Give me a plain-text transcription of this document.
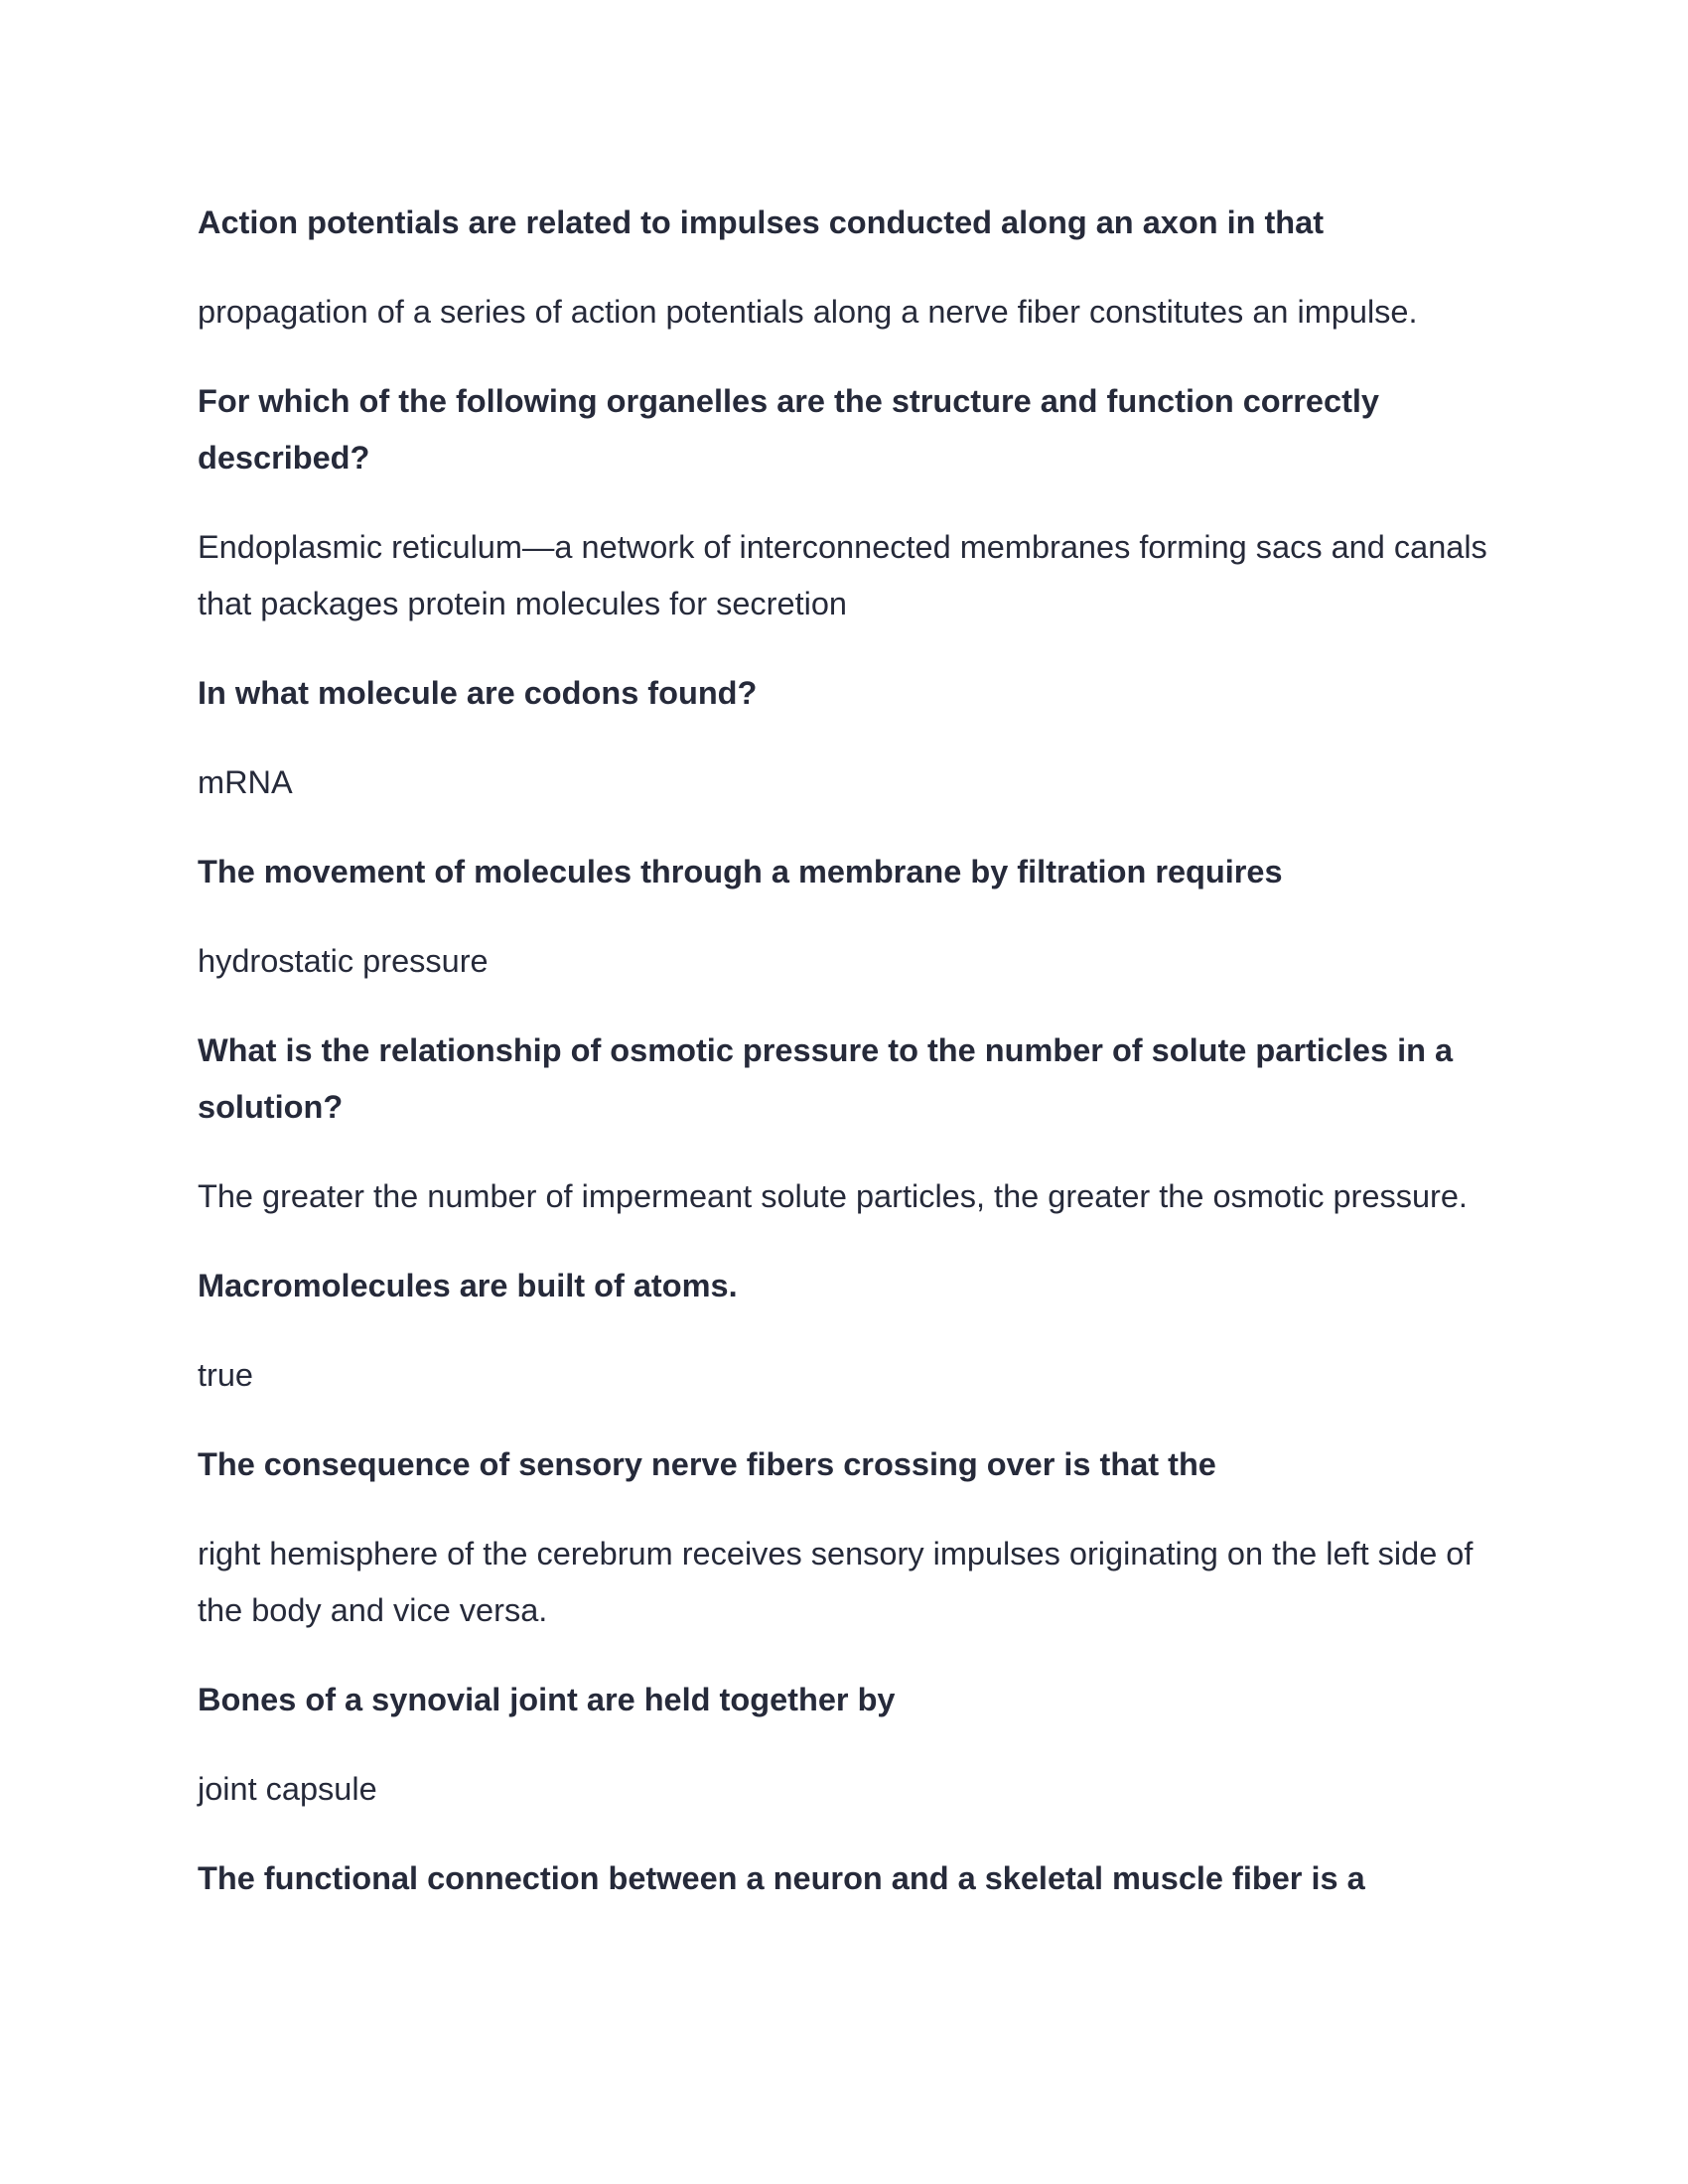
Action potentials are related to impulses conducted along an axon in that

propagation of a series of action potentials along a nerve fiber constitutes an impulse.

For which of the following organelles are the structure and function correctly described?

Endoplasmic reticulum—a network of interconnected membranes forming sacs and canals that packages protein molecules for secretion

In what molecule are codons found?

mRNA

The movement of molecules through a membrane by filtration requires

hydrostatic pressure

What is the relationship of osmotic pressure to the number of solute particles in a solution?

The greater the number of impermeant solute particles, the greater the osmotic pressure.

Macromolecules are built of atoms.

true

The consequence of sensory nerve fibers crossing over is that the

right hemisphere of the cerebrum receives sensory impulses originating on the left side of the body and vice versa.

Bones of a synovial joint are held together by

joint capsule

The functional connection between a neuron and a skeletal muscle fiber is a
